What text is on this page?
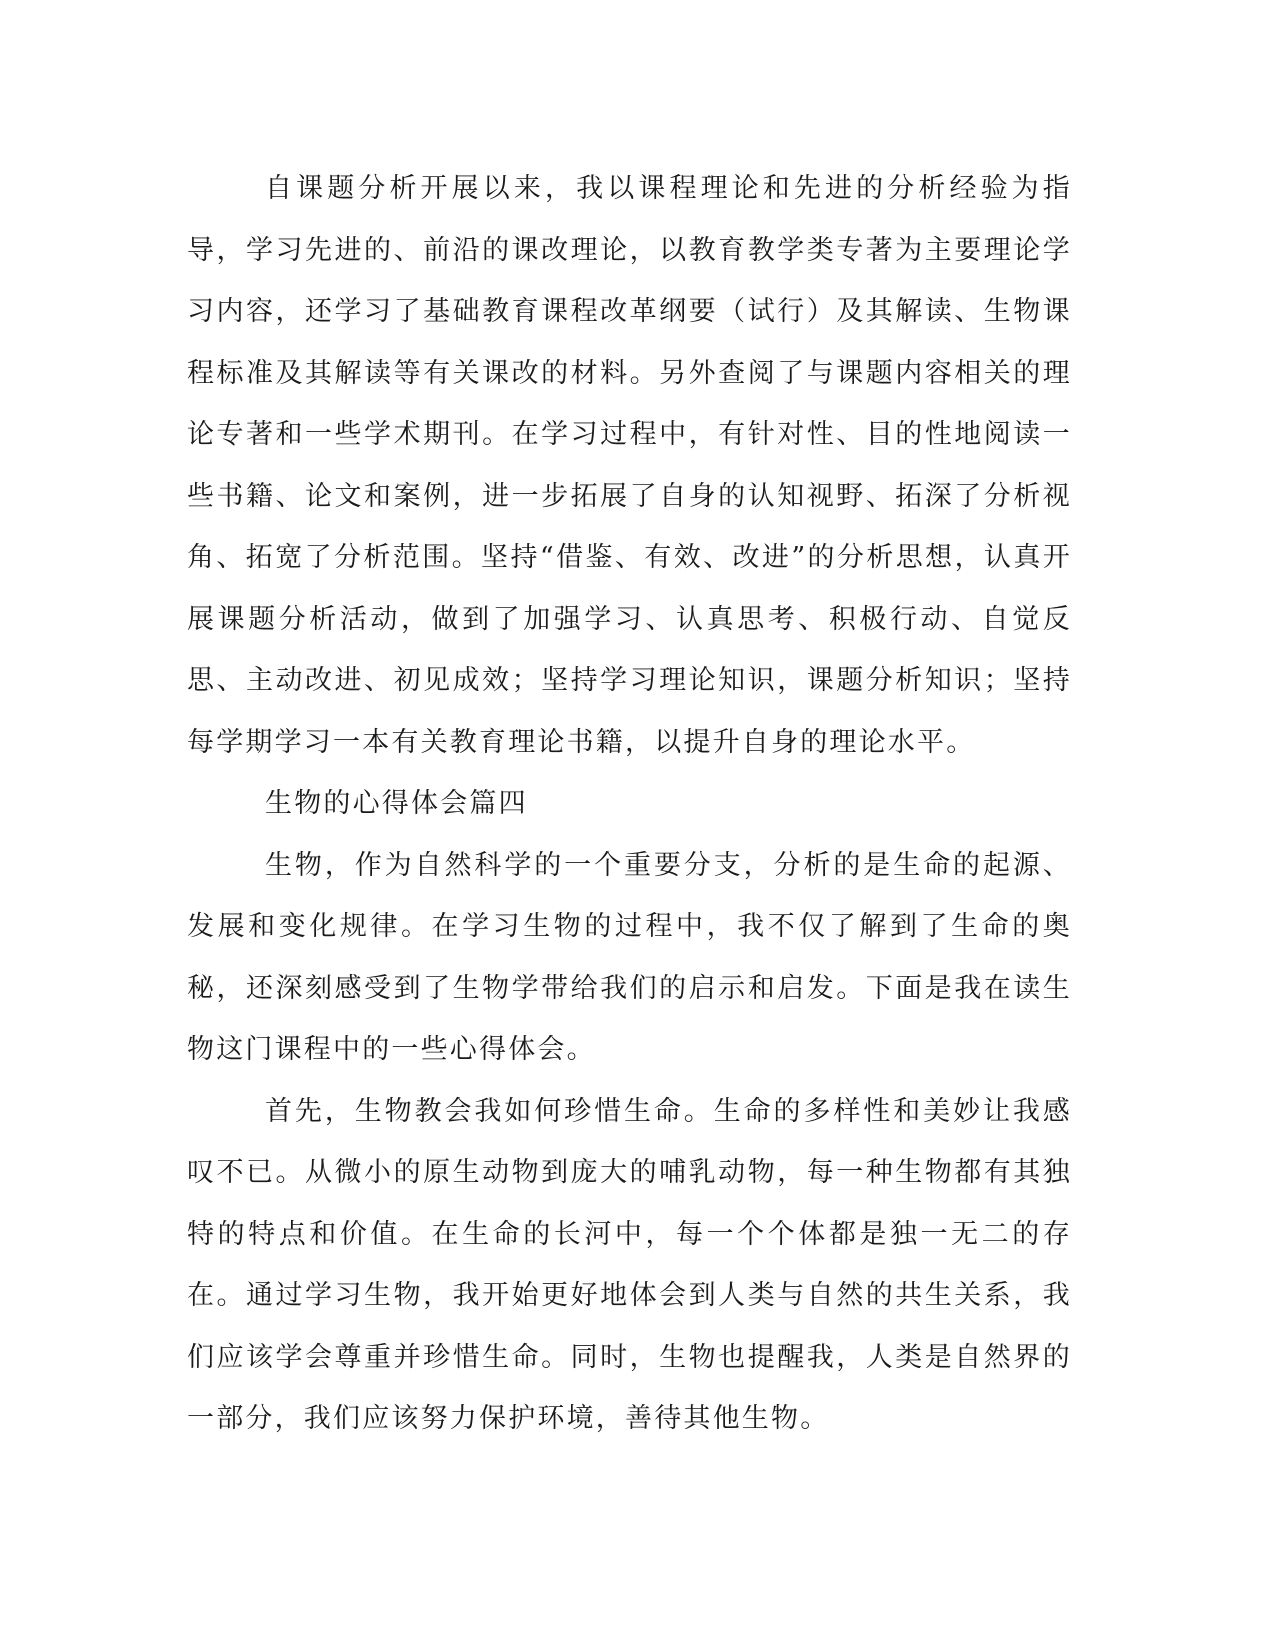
自课题分析开展以来，我以课程理论和先进的分析经验为指导，学习先进的、前沿的课改理论，以教育教学类专著为主要理论学习内容，还学习了基础教育课程改革纲要（试行）及其解读、生物课程标准及其解读等有关课改的材料。另外查阅了与课题内容相关的理论专著和一些学术期刊。在学习过程中，有针对性、目的性地阅读一些书籍、论文和案例，进一步拓展了自身的认知视野、拓深了分析视角、拓宽了分析范围。坚持“借鉴、有效、改进”的分析思想，认真开展课题分析活动，做到了加强学习、认真思考、积极行动、自觉反思、主动改进、初见成效；坚持学习理论知识，课题分析知识；坚持每学期学习一本有关教育理论书籍，以提升自身的理论水平。

生物的心得体会篇四

生物，作为自然科学的一个重要分支，分析的是生命的起源、发展和变化规律。在学习生物的过程中，我不仅了解到了生命的奥秘，还深刻感受到了生物学带给我们的启示和启发。下面是我在读生物这门课程中的一些心得体会。

首先，生物教会我如何珍惜生命。生命的多样性和美妙让我感叹不已。从微小的原生动物到庞大的哺乳动物，每一种生物都有其独特的特点和价值。在生命的长河中，每一个个体都是独一无二的存在。通过学习生物，我开始更好地体会到人类与自然的共生关系，我们应该学会尊重并珍惜生命。同时，生物也提醒我，人类是自然界的一部分，我们应该努力保护环境，善待其他生物。
